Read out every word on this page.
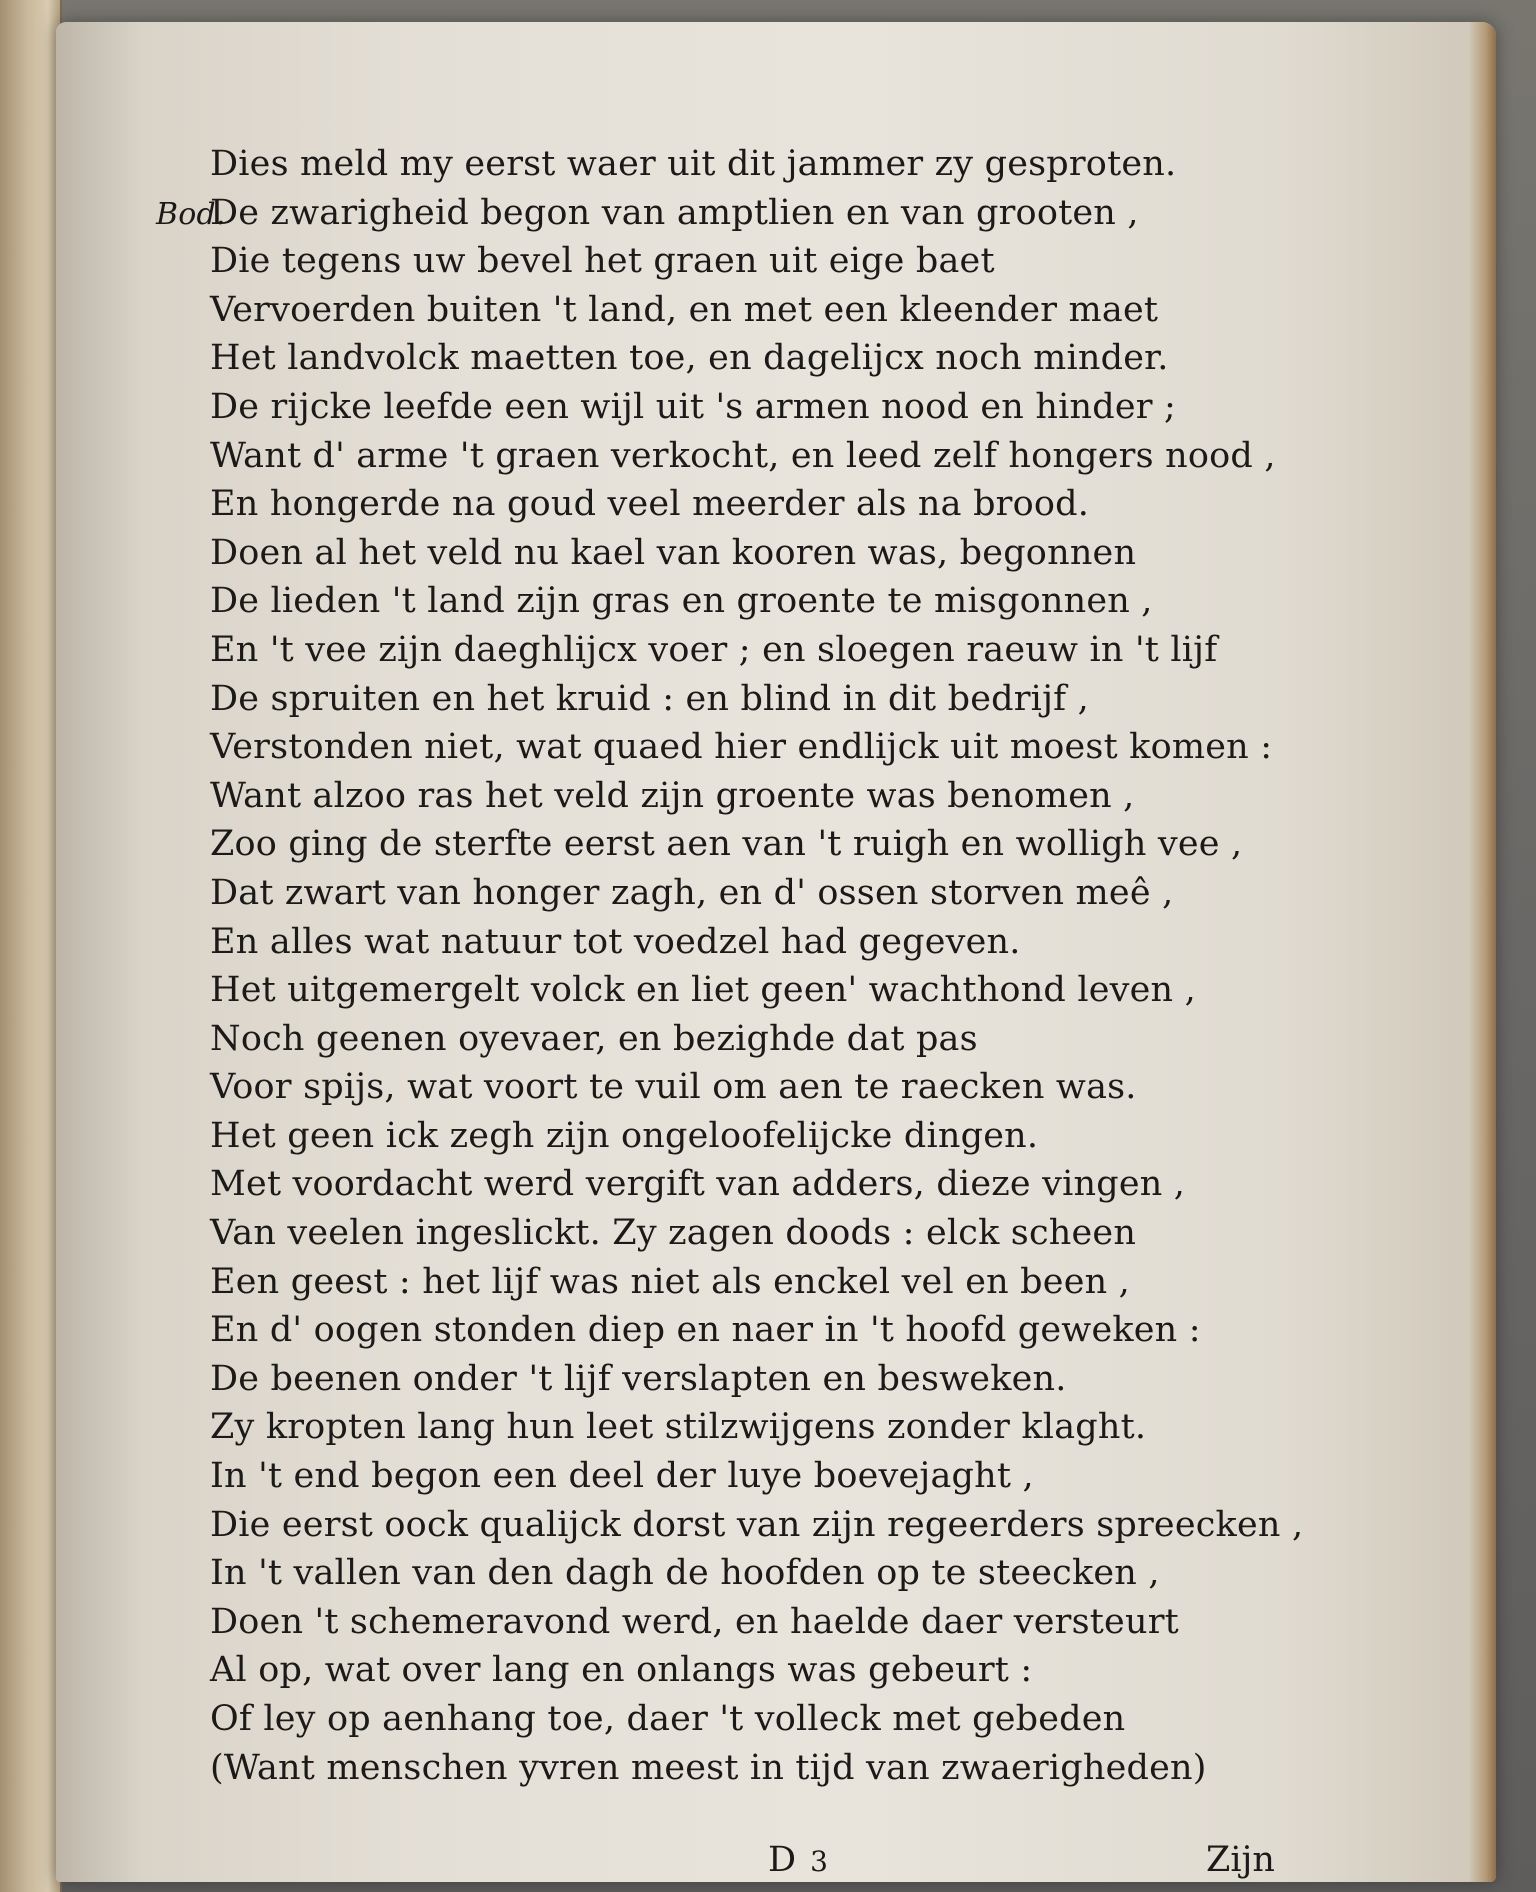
Dies meld my eerst waer uit dit jammer zy gesproten.
Bod.De zwarigheid begon van amptlien en van grooten ,
Die tegens uw bevel het graen uit eige baet
Vervoerden buiten 't land, en met een kleender maet
Het landvolck maetten toe, en dagelijcx noch minder.
De rijcke leefde een wijl uit 's armen nood en hinder ;
Want d' arme 't graen verkocht, en leed zelf hongers nood ,
En hongerde na goud veel meerder als na brood.
Doen al het veld nu kael van kooren was, begonnen
De lieden 't land zijn gras en groente te misgonnen ,
En 't vee zijn daeghlijcx voer ; en sloegen raeuw in 't lijf
De spruiten en het kruid : en blind in dit bedrijf ,
Verstonden niet, wat quaed hier endlijck uit moest komen :
Want alzoo ras het veld zijn groente was benomen ,
Zoo ging de sterfte eerst aen van 't ruigh en wolligh vee ,
Dat zwart van honger zagh, en d' ossen storven meê ,
En alles wat natuur tot voedzel had gegeven.
Het uitgemergelt volck en liet geen' wachthond leven ,
Noch geenen oyevaer, en bezighde dat pas
Voor spijs, wat voort te vuil om aen te raecken was.
Het geen ick zegh zijn ongeloofelijcke dingen.
Met voordacht werd vergift van adders, dieze vingen ,
Van veelen ingeslickt. Zy zagen doods : elck scheen
Een geest : het lijf was niet als enckel vel en been ,
En d' oogen stonden diep en naer in 't hoofd geweken :
De beenen onder 't lijf verslapten en besweken.
Zy kropten lang hun leet stilzwijgens zonder klaght.
In 't end begon een deel der luye boevejaght ,
Die eerst oock qualijck dorst van zijn regeerders spreecken ,
In 't vallen van den dagh de hoofden op te steecken ,
Doen 't schemeravond werd, en haelde daer versteurt
Al op, wat over lang en onlangs was gebeurt :
Of ley op aenhang toe, daer 't volleck met gebeden
(Want menschen yvren meest in tijd van zwaerigheden)
D 3	Zijn
